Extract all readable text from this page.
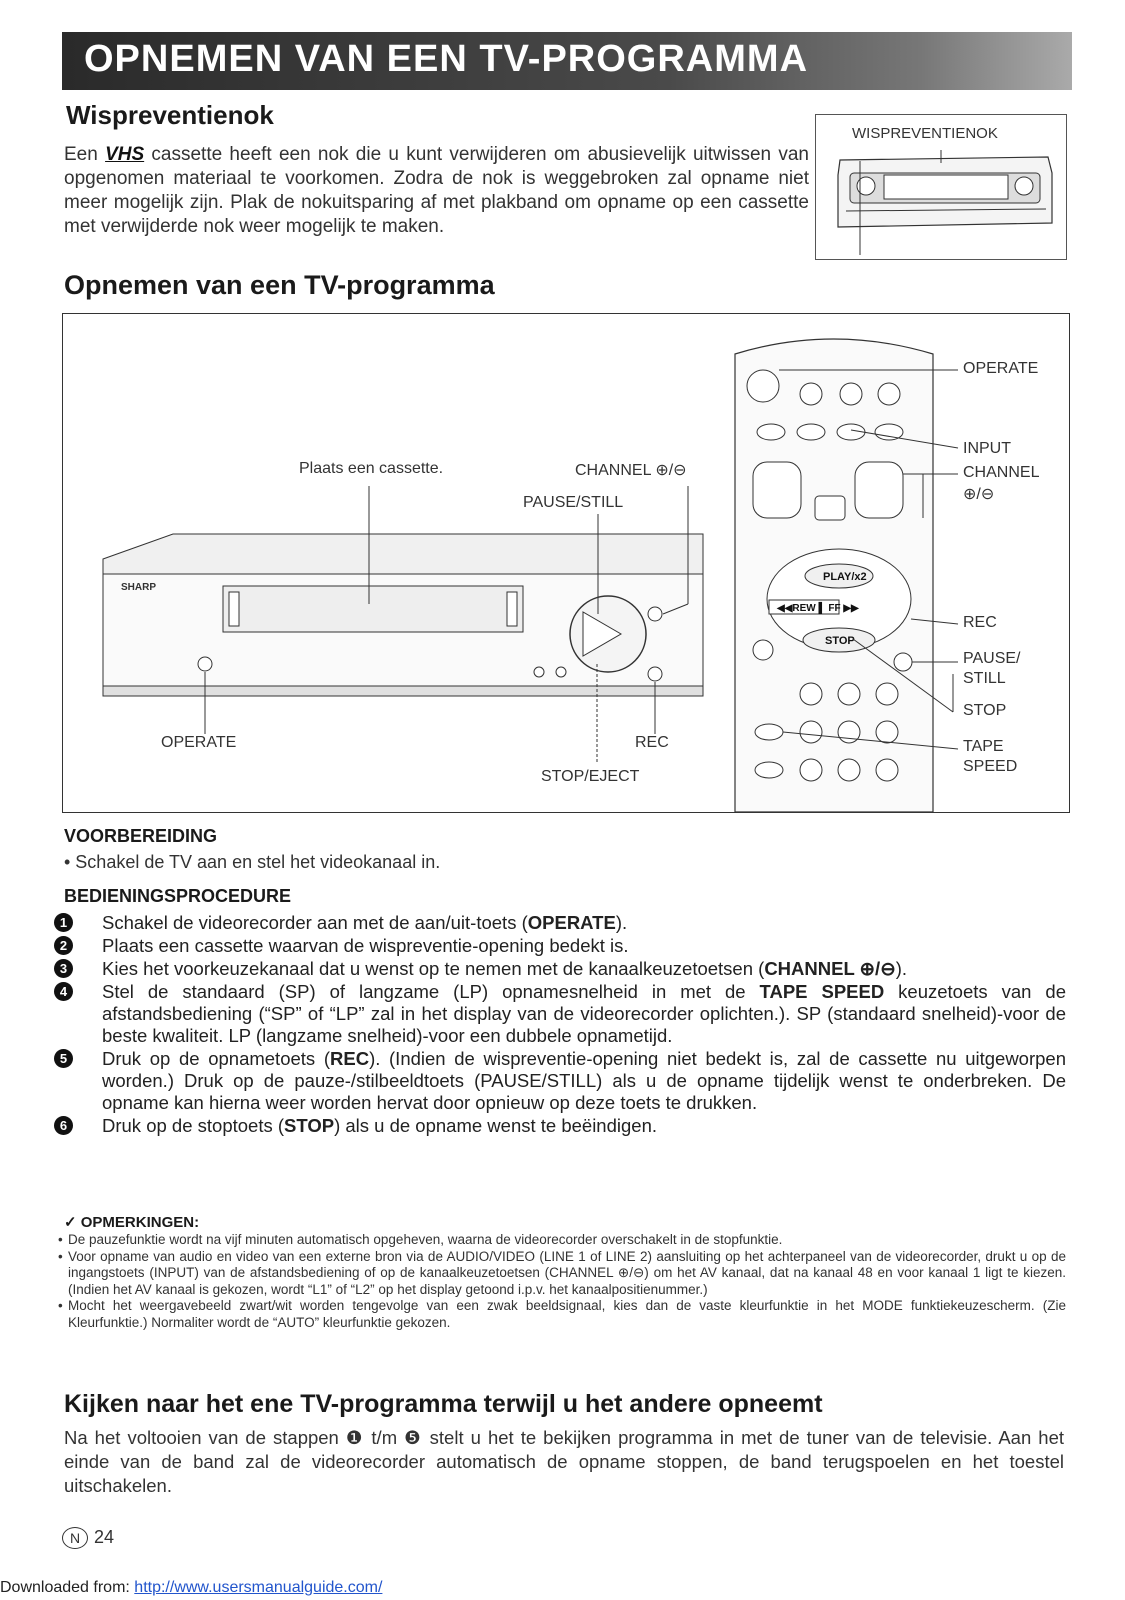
OPNEMEN VAN EEN TV-PROGRAMMA
Wispreventienok
Een VHS cassette heeft een nok die u kunt verwijderen om abusievelijk uitwissen van opgenomen materiaal te voorkomen. Zodra de nok is weggebroken zal opname niet meer mogelijk zijn. Plak de nokuitsparing af met plakband om opname op een cassette met verwijderde nok weer mogelijk te maken.
WISPREVENTIENOK
Opnemen van een TV-programma
SHARP
PLAY/x2
◀◀REW ▌ FF ▶▶
STOP
Plaats een cassette.	CHANNEL ⊕/⊖
PAUSE/STILL
OPERATE	REC
STOP/EJECT
OPERATE
INPUT
CHANNEL
⊕/⊖
REC
PAUSE/
STILL
STOP
TAPE
SPEED
VOORBEREIDING
• Schakel de TV aan en stel het videokanaal in.
BEDIENINGSPROCEDURE
1	Schakel de videorecorder aan met de aan/uit-toets (OPERATE).
2	Plaats een cassette waarvan de wispreventie-opening bedekt is.
3	Kies het voorkeuzekanaal dat u wenst op te nemen met de kanaalkeuzetoetsen (CHANNEL ⊕/⊖).
4	Stel de standaard (SP) of langzame (LP) opnamesnelheid in met de TAPE SPEED keuzetoets van de afstandsbediening (“SP” of “LP” zal in het display van de videorecorder oplichten.). SP (standaard snelheid)-voor de beste kwaliteit. LP (langzame snelheid)-voor een dubbele opnametijd.
5	Druk op de opnametoets (REC). (Indien de wispreventie-opening niet bedekt is, zal de cassette nu uitgeworpen worden.) Druk op de pauze-/stilbeeldtoets (PAUSE/STILL) als u de opname tijdelijk wenst te onderbreken. De opname kan hierna weer worden hervat door opnieuw op deze toets te drukken.
6	Druk op de stoptoets (STOP) als u de opname wenst te beëindigen.
✓ OPMERKINGEN:
• De pauzefunktie wordt na vijf minuten automatisch opgeheven, waarna de videorecorder overschakelt in de stopfunktie.
• Voor opname van audio en video van een externe bron via de AUDIO/VIDEO (LINE 1 of LINE 2) aansluiting op het achterpaneel van de videorecorder, drukt u op de ingangstoets (INPUT) van de afstandsbediening of op de kanaalkeuzetoetsen (CHANNEL ⊕/⊖) om het AV kanaal, dat na kanaal 48 en voor kanaal 1 ligt te kiezen. (Indien het AV kanaal is gekozen, wordt “L1” of “L2” op het display getoond i.p.v. het kanaalpositienummer.)
• Mocht het weergavebeeld zwart/wit worden tengevolge van een zwak beeldsignaal, kies dan de vaste kleurfunktie in het MODE funktiekeuzescherm. (Zie Kleurfunktie.) Normaliter wordt de “AUTO” kleurfunktie gekozen.
Kijken naar het ene TV-programma terwijl u het andere opneemt
Na het voltooien van de stappen ❶ t/m ❺ stelt u het te bekijken programma in met de tuner van de televisie. Aan het einde van de band zal de videorecorder automatisch de opname stoppen, de band terugspoelen en het toestel uitschakelen.
N 24
Downloaded from: http://www.usersmanualguide.com/
